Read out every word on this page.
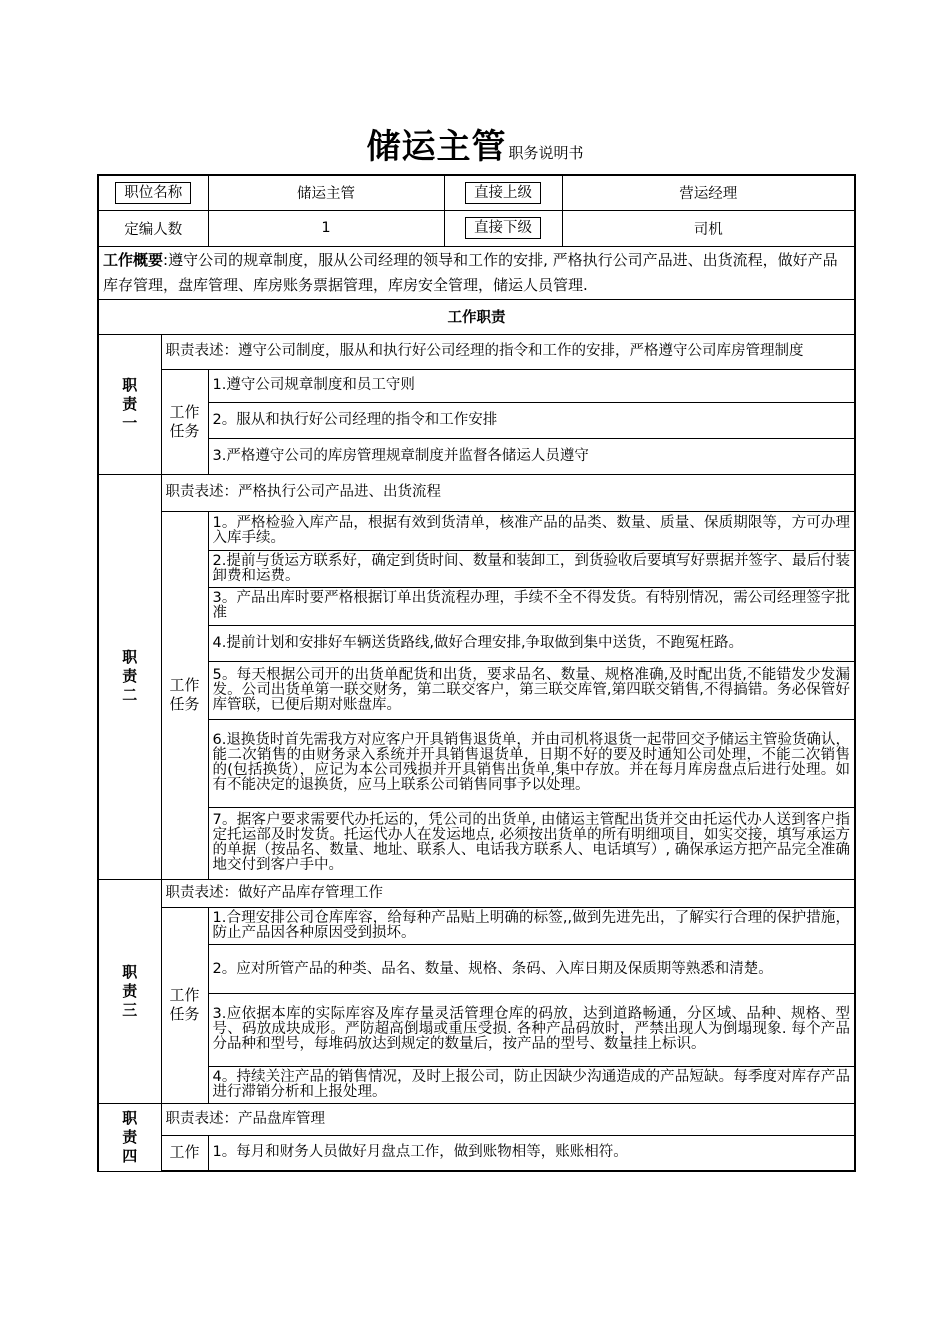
储运主管 职务说明书
职位名称		储运主管	直接上级	营运经理
定编人数		1	直接下级	司机
工作概要:遵守公司的规章制度，服从公司经理的领导和工作的安排, 严格执行公司产品进、出货流程，做好产品库存管理，盘库管理、库房账务票据管理，库房安全管理，储运人员管理.				
工作职责				

职
责
一	职责表述：遵守公司制度，服从和执行好公司经理的指令和工作的安排，严格遵守公司库房管理制度			
	工作任务	1.遵守公司规章制度和员工守则		
		2。服从和执行好公司经理的指令和工作安排		
		3.严格遵守公司的库房管理规章制度并监督各储运人员遵守		

职
责
二	职责表述：严格执行公司产品进、出货流程			
	工作任务	1。严格检验入库产品，根据有效到货清单，核准产品的品类、数量、质量、保质期限等，方可办理入库手续。		
		2.提前与货运方联系好，确定到货时间、数量和装卸工，到货验收后要填写好票据并签字、最后付装卸费和运费。		
		3。产品出库时要严格根据订单出货流程办理，手续不全不得发货。有特别情况，需公司经理签字批准		
		4.提前计划和安排好车辆送货路线,做好合理安排,争取做到集中送货，不跑冤枉路。		
		5。每天根据公司开的出货单配货和出货，要求品名、数量、规格准确,及时配出货,不能错发少发漏发。公司出货单第一联交财务，第二联交客户，第三联交库管,第四联交销售,不得搞错。务必保管好库管联，已便后期对账盘库。		
		6.退换货时首先需我方对应客户开具销售退货单，并由司机将退货一起带回交予储运主管验货确认，能二次销售的由财务录入系统并开具销售退货单，日期不好的要及时通知公司处理，不能二次销售的(包括换货），应记为本公司残损并开具销售出货单,集中存放。并在每月库房盘点后进行处理。如有不能决定的退换货，应马上联系公司销售同事予以处理。		
		7。据客户要求需要代办托运的，凭公司的出货单, 由储运主管配出货并交由托运代办人送到客户指定托运部及时发货。托运代办人在发运地点, 必须按出货单的所有明细项目，如实交接，填写承运方的单据（按品名、数量、地址、联系人、电话我方联系人、电话填写）, 确保承运方把产品完全准确地交付到客户手中。		

职
责
三	职责表述：做好产品库存管理工作			
	工作任务	1.合理安排公司仓库库容，给每种产品贴上明确的标签,,做到先进先出，了解实行合理的保护措施，防止产品因各种原因受到损坏。		
		2。应对所管产品的种类、品名、数量、规格、条码、入库日期及保质期等熟悉和清楚。		
		3.应依据本库的实际库容及库存量灵活管理仓库的码放，达到道路畅通，分区域、品种、规格、型号、码放成块成形。严防超高倒塌或重压受损. 各种产品码放时，严禁出现人为倒塌现象. 每个产品分品种和型号，每堆码放达到规定的数量后，按产品的型号、数量挂上标识。		
		4。持续关注产品的销售情况，及时上报公司，防止因缺少沟通造成的产品短缺。每季度对库存产品进行滞销分析和上报处理。		

职
责
四	职责表述：产品盘库管理			
	工作	1。每月和财务人员做好月盘点工作，做到账物相等，账账相符。		
